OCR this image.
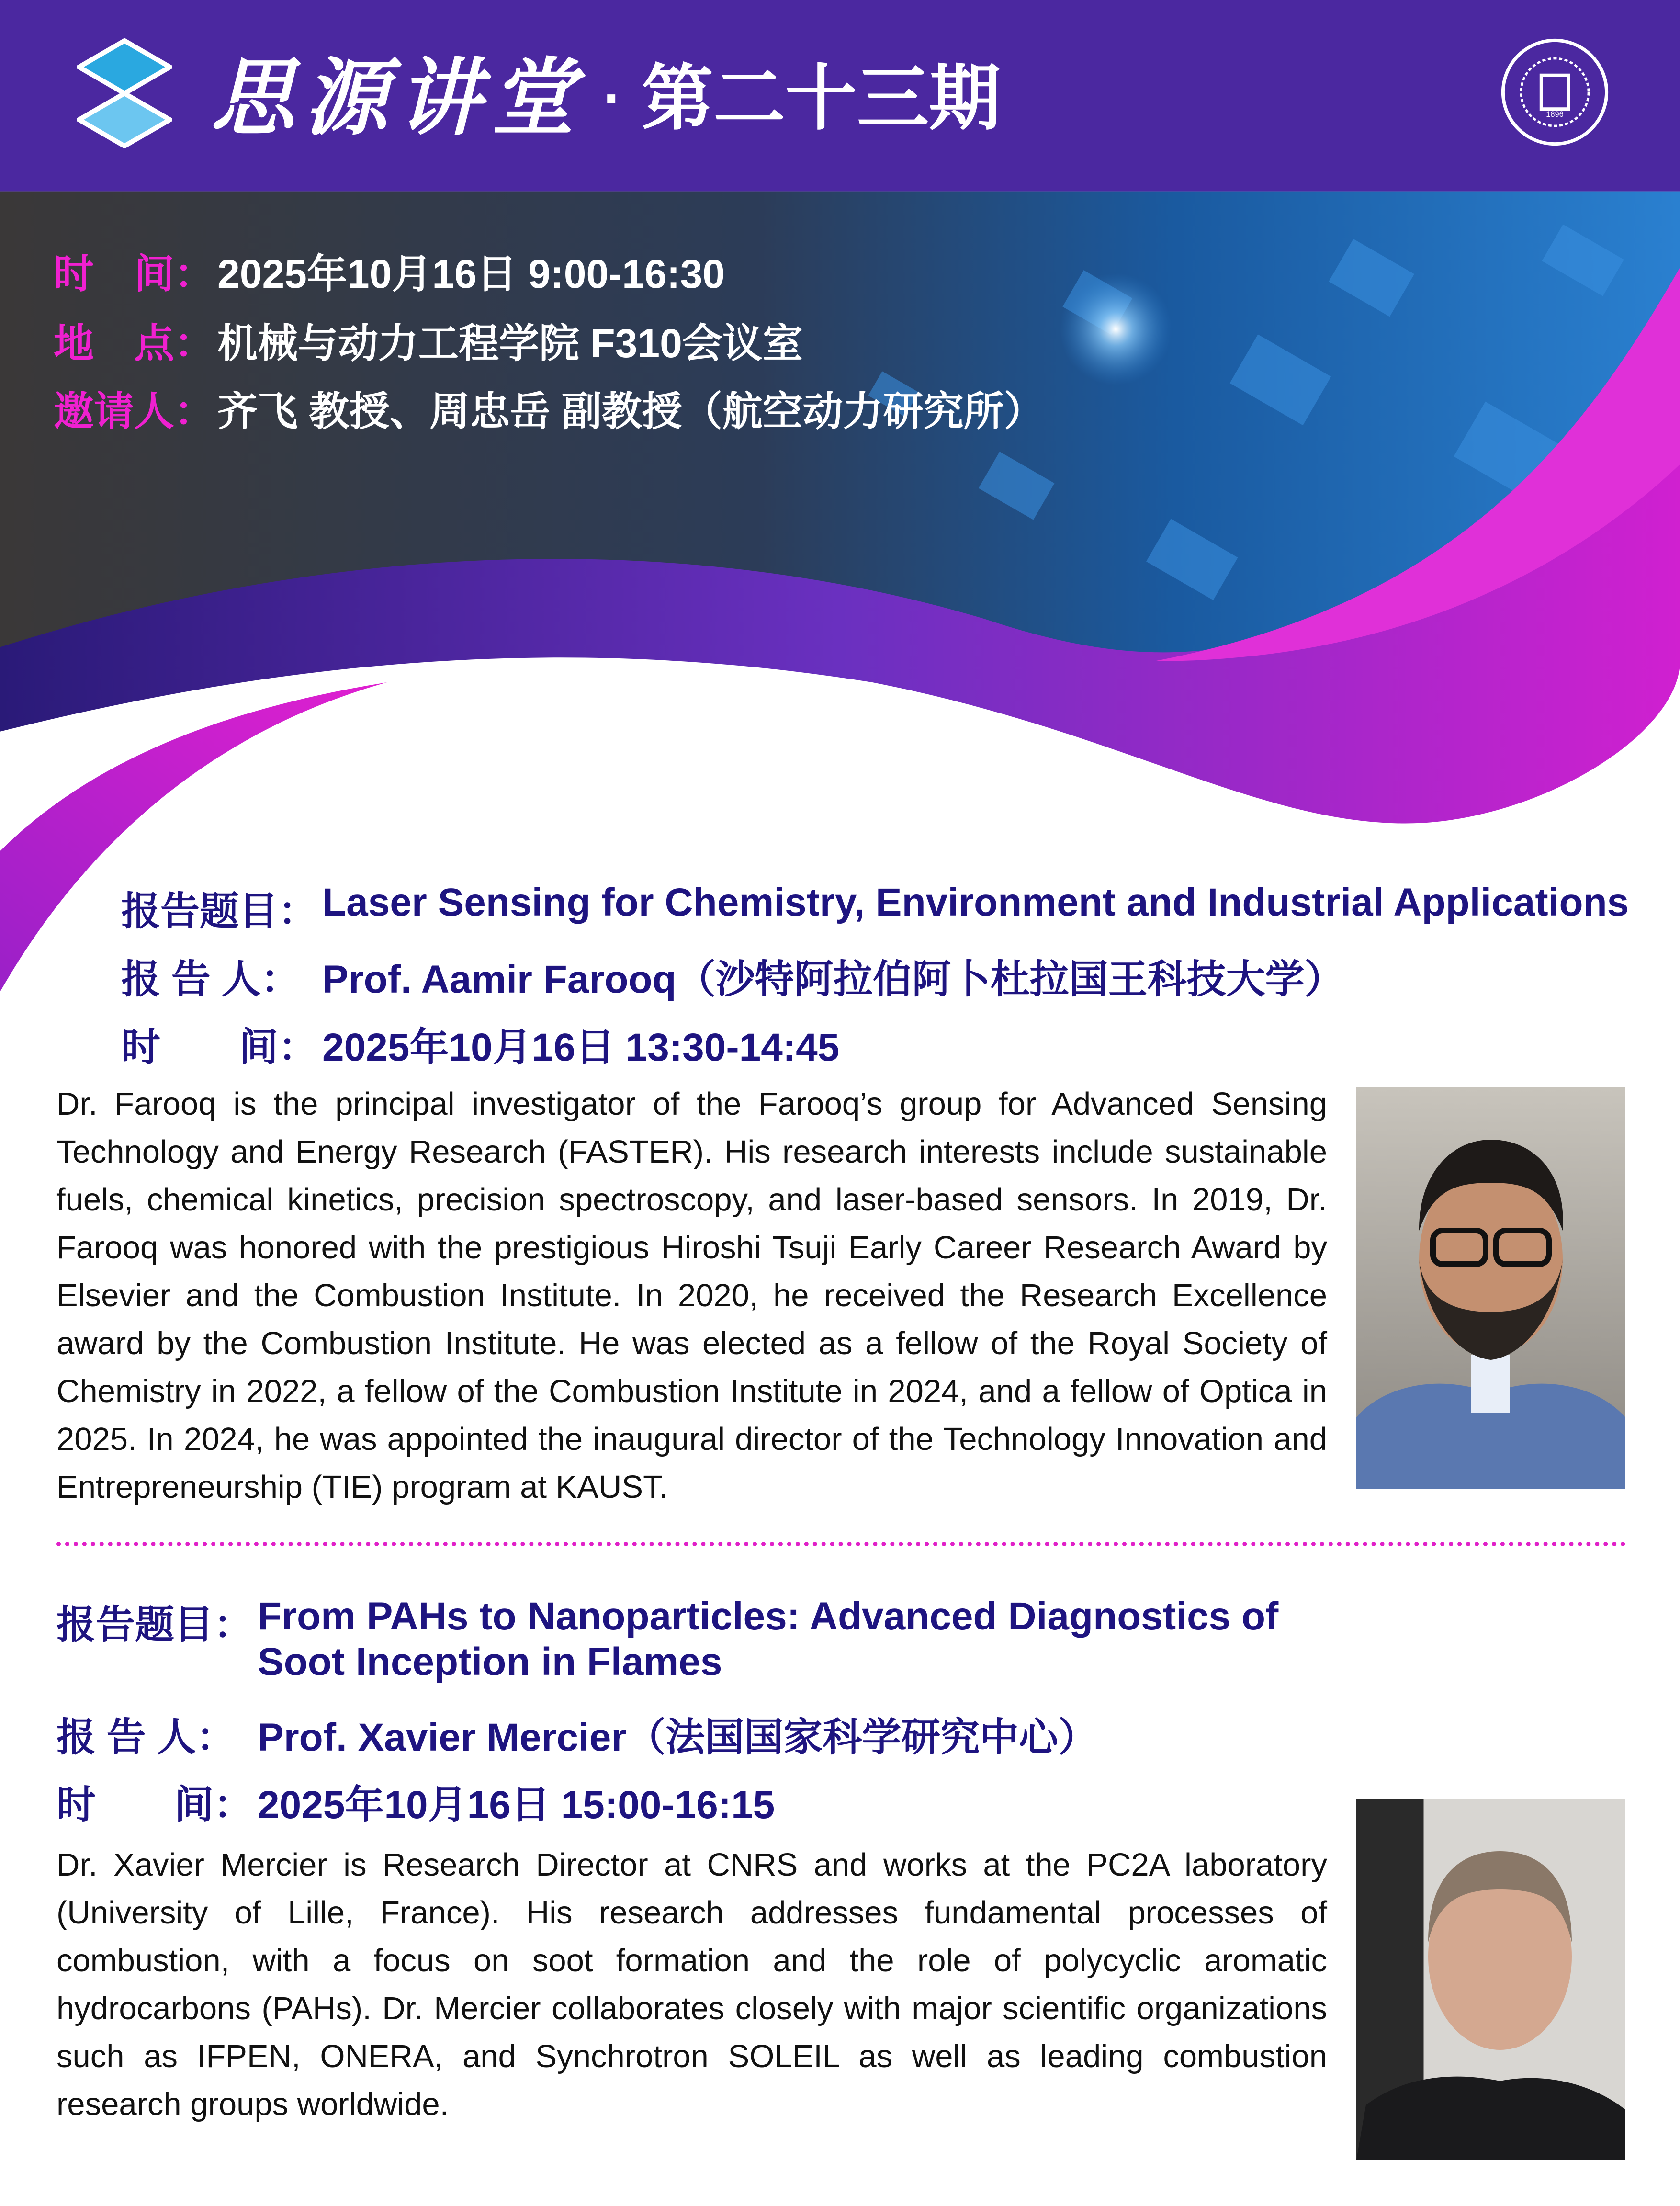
思源讲堂 · 第二十三期	1896
时　间： 2025年10月16日 9:00-16:30
地　点： 机械与动力工程学院 F310会议室
邀请人： 齐飞 教授、周忠岳 副教授（航空动力研究所）
报告题目： Laser Sensing for Chemistry, Environment and Industrial Applications
报 告 人： Prof. Aamir Farooq（沙特阿拉伯阿卜杜拉国王科技大学）
时　　间： 2025年10月16日 13:30-14:45
Dr. Farooq is the principal investigator of the Farooq’s group for Advanced Sensing Technology and Energy Research (FASTER). His research interests include sustainable fuels, chemical kinetics, precision spectroscopy, and laser-based sensors. In 2019, Dr. Farooq was honored with the prestigious Hiroshi Tsuji Early Career Research Award by Elsevier and the Combustion Institute. In 2020, he received the Research Excellence award by the Combustion Institute. He was elected as a fellow of the Royal Society of Chemistry in 2022, a fellow of the Combustion Institute in 2024, and a fellow of Optica in 2025. In 2024, he was appointed the inaugural director of the Technology Innovation and Entrepreneurship (TIE) program at KAUST.
报告题目： From PAHs to Nanoparticles: Advanced Diagnostics of Soot Inception in Flames
报 告 人： Prof. Xavier Mercier（法国国家科学研究中心）
时　　间： 2025年10月16日 15:00-16:15
Dr. Xavier Mercier is Research Director at CNRS and works at the PC2A laboratory (University of Lille, France). His research addresses fundamental processes of combustion, with a focus on soot formation and the role of polycyclic aromatic hydrocarbons (PAHs). Dr. Mercier collaborates closely with major scientific organizations such as IFPEN, ONERA, and Synchrotron SOLEIL as well as leading combustion research groups worldwide.
